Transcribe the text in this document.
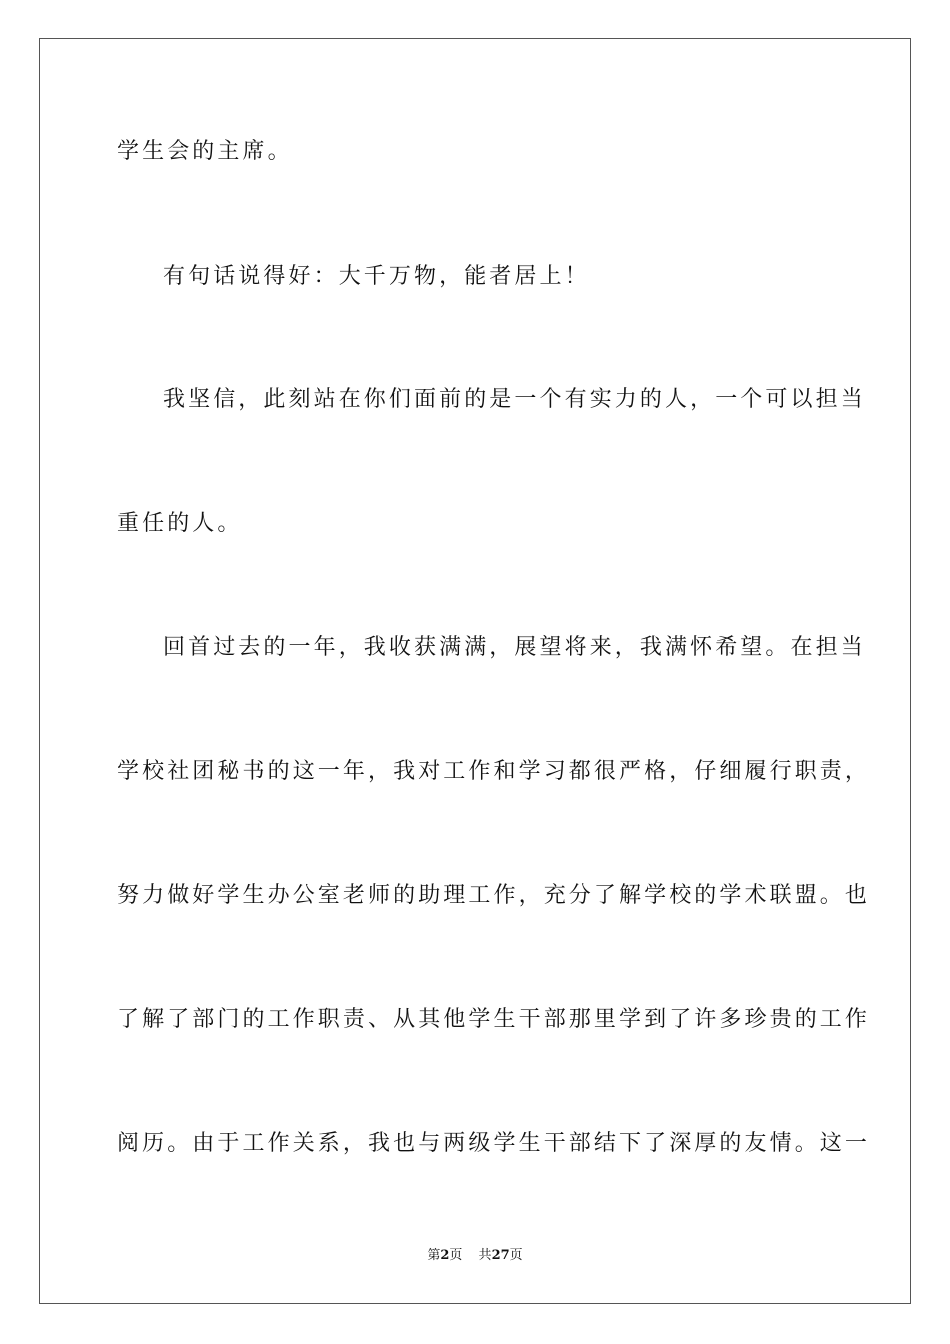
学生会的主席。
有句话说得好：大千万物，能者居上！
我坚信，此刻站在你们面前的是一个有实力的人，一个可以担当
重任的人。
回首过去的一年，我收获满满，展望将来，我满怀希望。在担当
学校社团秘书的这一年，我对工作和学习都很严格，仔细履行职责，
努力做好学生办公室老师的助理工作，充分了解学校的学术联盟。也
了解了部门的工作职责、从其他学生干部那里学到了许多珍贵的工作
阅历。由于工作关系，我也与两级学生干部结下了深厚的友情。这一
第2页 共27页
